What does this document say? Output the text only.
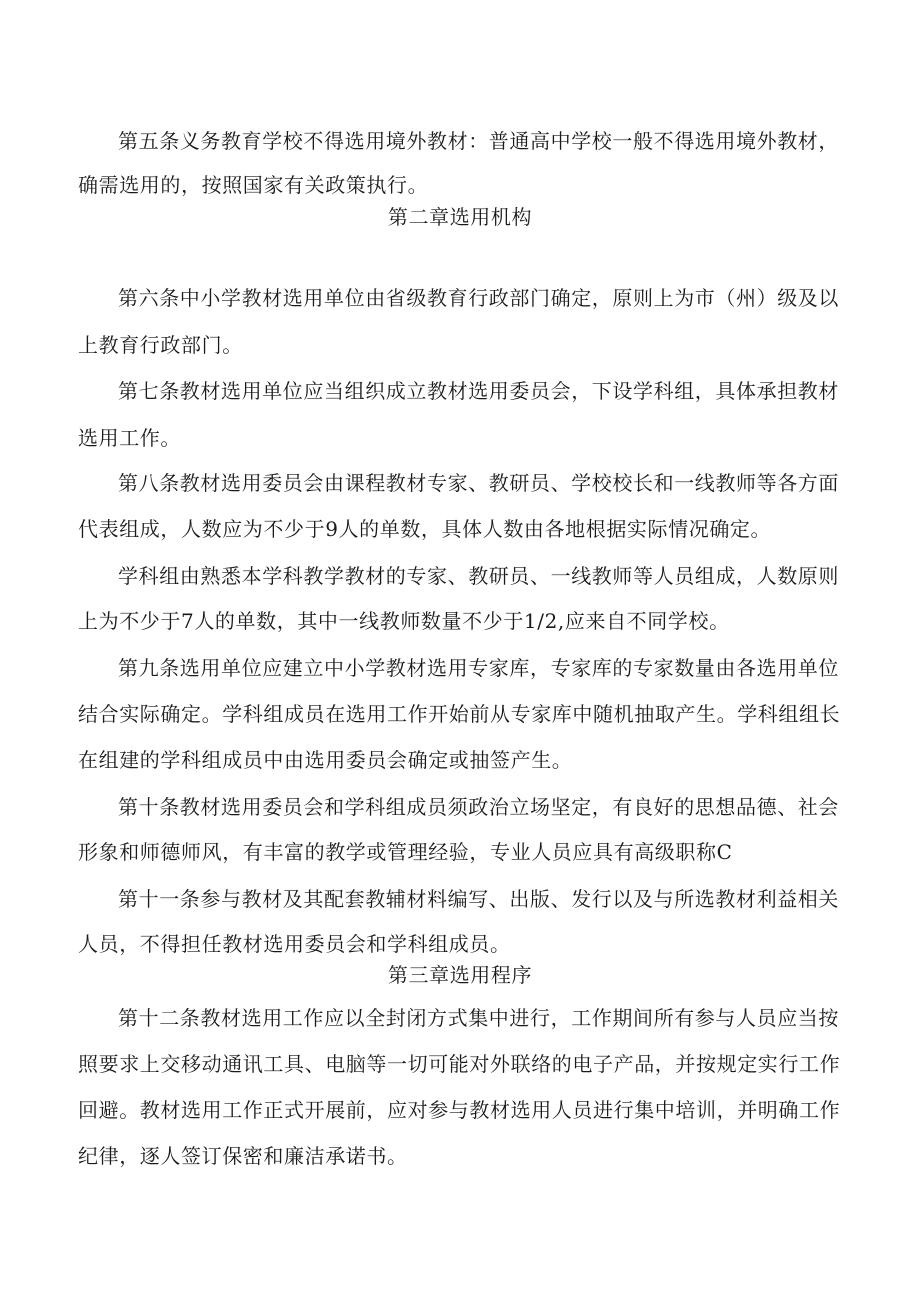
第五条义务教育学校不得选用境外教材：普通高中学校一般不得选用境外教材，
确需选用的，按照国家有关政策执行。
第二章选用机构
第六条中小学教材选用单位由省级教育行政部门确定，原则上为市（州）级及以
上教育行政部门。
第七条教材选用单位应当组织成立教材选用委员会，下设学科组，具体承担教材
选用工作。
第八条教材选用委员会由课程教材专家、教研员、学校校长和一线教师等各方面
代表组成，人数应为不少于9人的单数，具体人数由各地根据实际情况确定。
学科组由熟悉本学科教学教材的专家、教研员、一线教师等人员组成，人数原则
上为不少于7人的单数，其中一线教师数量不少于1/2,应来自不同学校。
第九条选用单位应建立中小学教材选用专家库，专家库的专家数量由各选用单位
结合实际确定。学科组成员在选用工作开始前从专家库中随机抽取产生。学科组组长
在组建的学科组成员中由选用委员会确定或抽签产生。
第十条教材选用委员会和学科组成员须政治立场坚定，有良好的思想品德、社会
形象和师德师风，有丰富的教学或管理经验，专业人员应具有高级职称C
第十一条参与教材及其配套教辅材料编写、出版、发行以及与所选教材利益相关
人员，不得担任教材选用委员会和学科组成员。
第三章选用程序
第十二条教材选用工作应以全封闭方式集中进行，工作期间所有参与人员应当按
照要求上交移动通讯工具、电脑等一切可能对外联络的电子产品，并按规定实行工作
回避。教材选用工作正式开展前，应对参与教材选用人员进行集中培训，并明确工作
纪律，逐人签订保密和廉洁承诺书。
